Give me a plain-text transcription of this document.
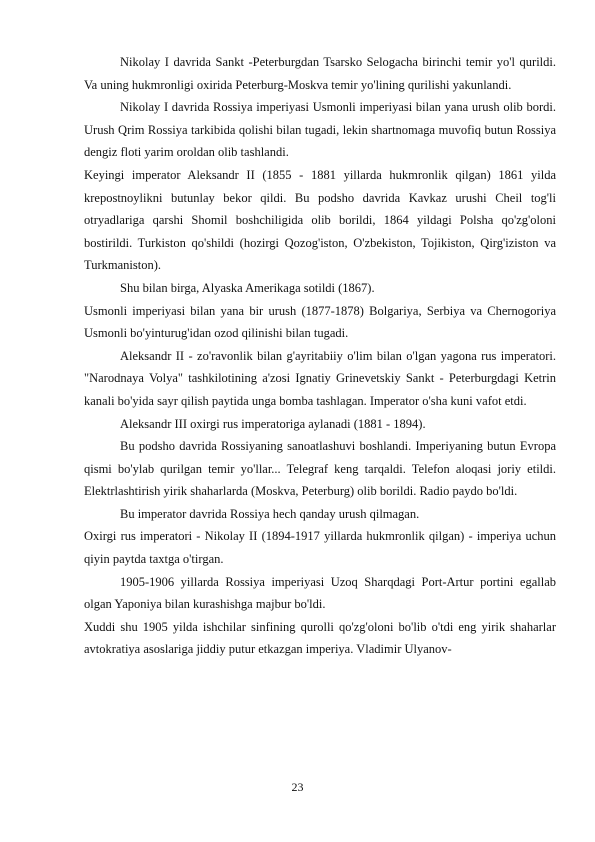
Nikolay I davrida Sankt -Peterburgdan Tsarsko Selogacha birinchi temir yo'l qurildi. Va uning hukmronligi oxirida Peterburg-Moskva temir yo'lining qurilishi yakunlandi.

Nikolay I davrida Rossiya imperiyasi Usmonli imperiyasi bilan yana urush olib bordi. Urush Qrim Rossiya tarkibida qolishi bilan tugadi, lekin shartnomaga muvofiq butun Rossiya dengiz floti yarim oroldan olib tashlandi.

Keyingi imperator Aleksandr II (1855 - 1881 yillarda hukmronlik qilgan) 1861 yilda krepostnoylikni butunlay bekor qildi. Bu podsho davrida Kavkaz urushi Cheil tog'li otryadlariga qarshi Shomil boshchiligida olib borildi, 1864 yildagi Polsha qo'zg'oloni bostirildi. Turkiston qo'shildi (hozirgi Qozog'iston, O'zbekiston, Tojikiston, Qirg'iziston va Turkmaniston).

Shu bilan birga, Alyaska Amerikaga sotildi (1867).

Usmonli imperiyasi bilan yana bir urush (1877-1878) Bolgariya, Serbiya va Chernogoriya Usmonli bo'yinturug'idan ozod qilinishi bilan tugadi.

Aleksandr II - zo'ravonlik bilan g'ayritabiiy o'lim bilan o'lgan yagona rus imperatori. "Narodnaya Volya" tashkilotining a'zosi Ignatiy Grinevetskiy Sankt - Peterburgdagi Ketrin kanali bo'yida sayr qilish paytida unga bomba tashlagan. Imperator o'sha kuni vafot etdi.

Aleksandr III oxirgi rus imperatoriga aylanadi (1881 - 1894).

Bu podsho davrida Rossiyaning sanoatlashuvi boshlandi. Imperiyaning butun Evropa qismi bo'ylab qurilgan temir yo'llar... Telegraf keng tarqaldi. Telefon aloqasi joriy etildi. Elektrlashtirish yirik shaharlarda (Moskva, Peterburg) olib borildi. Radio paydo bo'ldi.

Bu imperator davrida Rossiya hech qanday urush qilmagan.

Oxirgi rus imperatori - Nikolay II (1894-1917 yillarda hukmronlik qilgan) - imperiya uchun qiyin paytda taxtga o'tirgan.

1905-1906 yillarda Rossiya imperiyasi Uzoq Sharqdagi Port-Artur portini egallab olgan Yaponiya bilan kurashishga majbur bo'ldi.

Xuddi shu 1905 yilda ishchilar sinfining qurolli qo'zg'oloni bo'lib o'tdi eng yirik shaharlar avtokratiya asoslariga jiddiy putur etkazgan imperiya. Vladimir Ulyanov-

23
